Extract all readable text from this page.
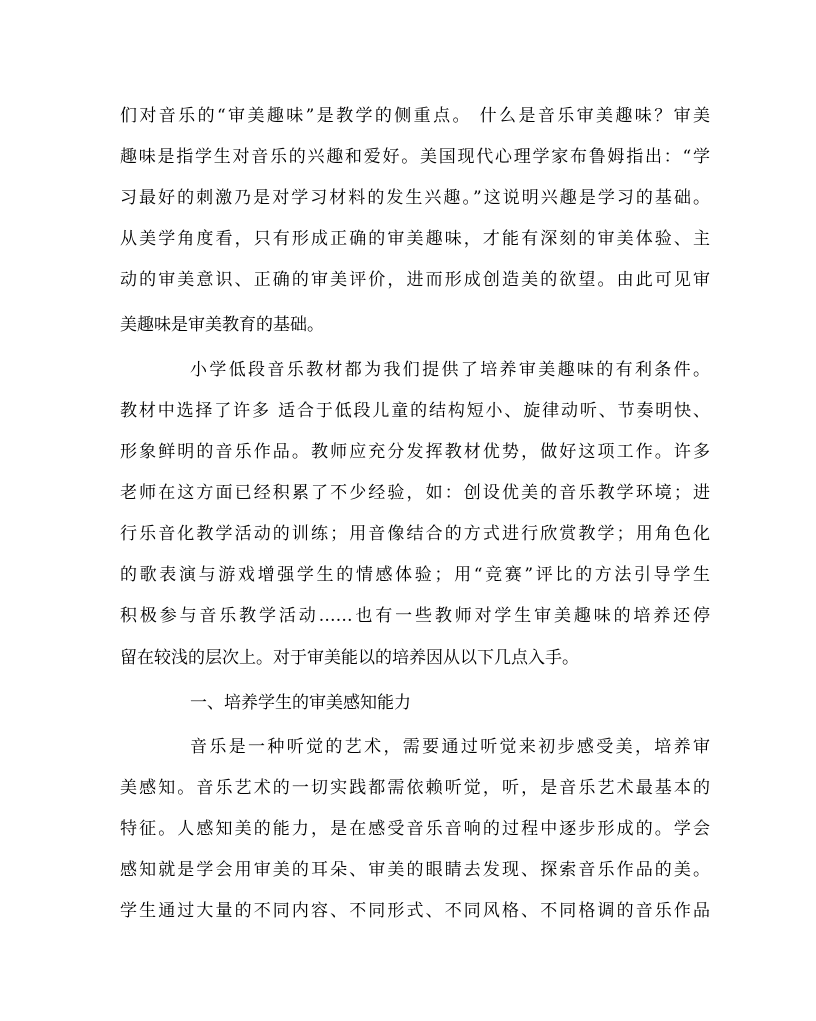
们对音乐的“审美趣味”是教学的侧重点。 什么是音乐审美趣味？审美
趣味是指学生对音乐的兴趣和爱好。美国现代心理学家布鲁姆指出：“学
习最好的刺激乃是对学习材料的发生兴趣。”这说明兴趣是学习的基础。
从美学角度看，只有形成正确的审美趣味，才能有深刻的审美体验、主
动的审美意识、正确的审美评价，进而形成创造美的欲望。由此可见审
美趣味是审美教育的基础。
小学低段音乐教材都为我们提供了培养审美趣味的有利条件。
教材中选择了许多 适合于低段儿童的结构短小、旋律动听、节奏明快、
形象鲜明的音乐作品。教师应充分发挥教材优势，做好这项工作。许多
老师在这方面已经积累了不少经验，如：创设优美的音乐教学环境；进
行乐音化教学活动的训练；用音像结合的方式进行欣赏教学；用角色化
的歌表演与游戏增强学生的情感体验；用“竞赛”评比的方法引导学生
积极参与音乐教学活动……也有一些教师对学生审美趣味的培养还停
留在较浅的层次上。对于审美能以的培养因从以下几点入手。
一、培养学生的审美感知能力
音乐是一种听觉的艺术，需要通过听觉来初步感受美，培养审
美感知。音乐艺术的一切实践都需依赖听觉，听，是音乐艺术最基本的
特征。人感知美的能力，是在感受音乐音响的过程中逐步形成的。学会
感知就是学会用审美的耳朵、审美的眼睛去发现、探索音乐作品的美。
学生通过大量的不同内容、不同形式、不同风格、不同格调的音乐作品
